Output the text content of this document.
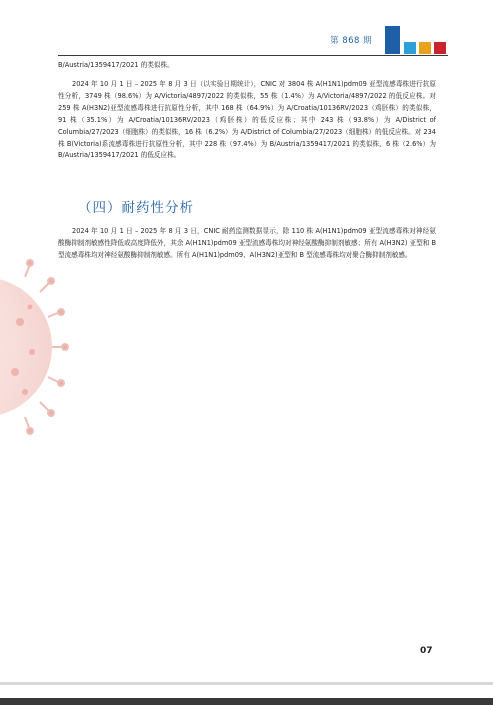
第 868 期

B/Austria/1359417/2021 的类似株。

2024 年 10 月 1 日 – 2025 年 8 月 3 日（以实验日期统计），CNIC 对 3804 株 A(H1N1)pdm09 亚型流感毒株进行抗原性分析，3749 株（98.6%）为 A/Victoria/4897/2022 的类似株，55 株（1.4%）为 A/Victoria/4897/2022 的低反应株。对 259 株 A(H3N2)亚型流感毒株进行抗原性分析，其中 168 株（64.9%）为 A/Croatia/10136RV/2023（鸡胚株）的类似株，91 株（35.1%）为 A/Croatia/10136RV/2023（鸡胚株）的低反应株；其中 243 株（93.8%）为 A/District of Columbia/27/2023（细胞株）的类似株，16 株（6.2%）为 A/District of Columbia/27/2023（细胞株）的低反应株。对 234 株 B(Victoria)系流感毒株进行抗原性分析，其中 228 株（97.4%）为 B/Austria/1359417/2021 的类似株，6 株（2.6%）为 B/Austria/1359417/2021 的低反应株。

（四）耐药性分析

2024 年 10 月 1 日 – 2025 年 8 月 3 日，CNIC 耐药监测数据显示，除 110 株 A(H1N1)pdm09 亚型流感毒株对神经氨酸酶抑制剂敏感性降低或高度降低外，其余 A(H1N1)pdm09 亚型流感毒株均对神经氨酸酶抑制剂敏感；所有 A(H3N2) 亚型和 B 型流感毒株均对神经氨酸酶抑制剂敏感。所有 A(H1N1)pdm09、A(H3N2)亚型和 B 型流感毒株均对聚合酶抑制剂敏感。

07
